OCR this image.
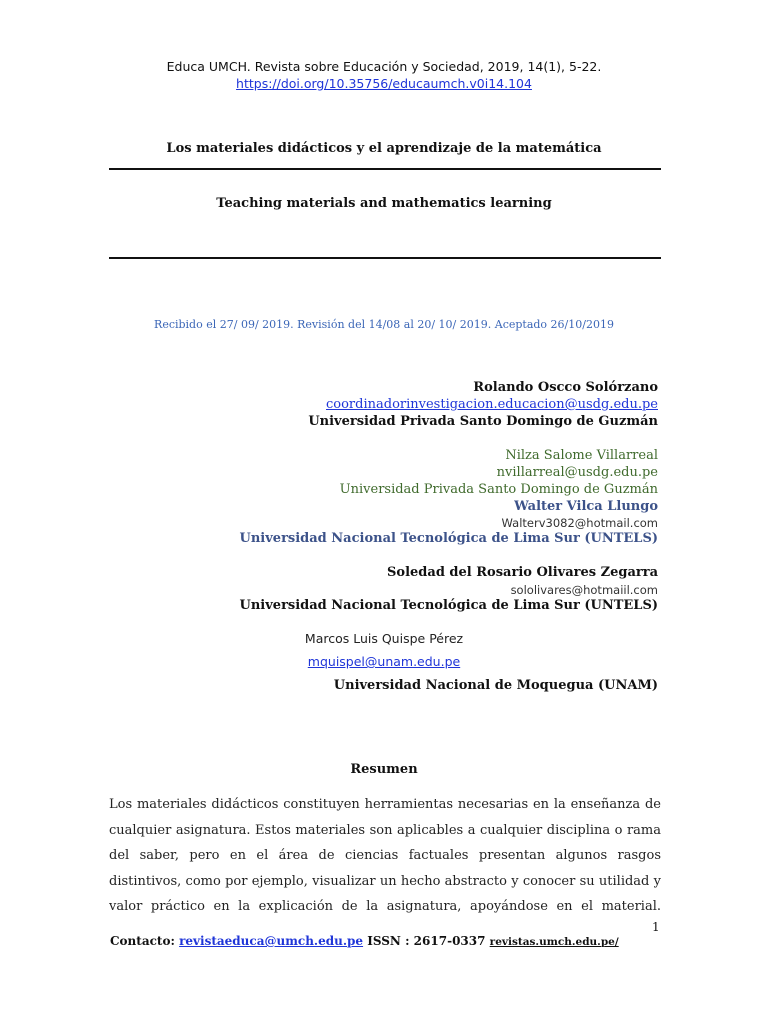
Educa UMCH. Revista sobre Educación y Sociedad, 2019, 14(1), 5-22.
https://doi.org/10.35756/educaumch.v0i14.104
Los materiales didácticos y el aprendizaje de la matemática
Teaching materials and mathematics learning
Recibido el 27/ 09/ 2019. Revisión del 14/08 al 20/ 10/ 2019. Aceptado 26/10/2019
Rolando Oscco Solórzano
coordinadorinvestigacion.educacion@usdg.edu.pe
Universidad Privada Santo Domingo de Guzmán
Nilza Salome Villarreal
nvillarreal@usdg.edu.pe
Universidad Privada Santo Domingo de Guzmán
Walter Vilca Llungo
Walterv3082@hotmail.com
Universidad Nacional Tecnológica de Lima Sur (UNTELS)
Soledad del Rosario Olivares Zegarra
sololivares@hotmaiil.com
Universidad Nacional Tecnológica de Lima Sur (UNTELS)
Marcos Luis Quispe Pérez
mquispel@unam.edu.pe
Universidad Nacional de Moquegua (UNAM)
Resumen
Los materiales didácticos constituyen herramientas necesarias en la enseñanza de cualquier asignatura. Estos materiales son aplicables a cualquier disciplina o rama del saber, pero en el área de ciencias factuales presentan algunos rasgos distintivos, como por ejemplo, visualizar un hecho abstracto y conocer su utilidad y valor práctico en la explicación de la asignatura, apoyándose en el material.
1
Contacto: revistaeduca@umch.edu.pe ISSN : 2617-0337 revistas.umch.edu.pe/
